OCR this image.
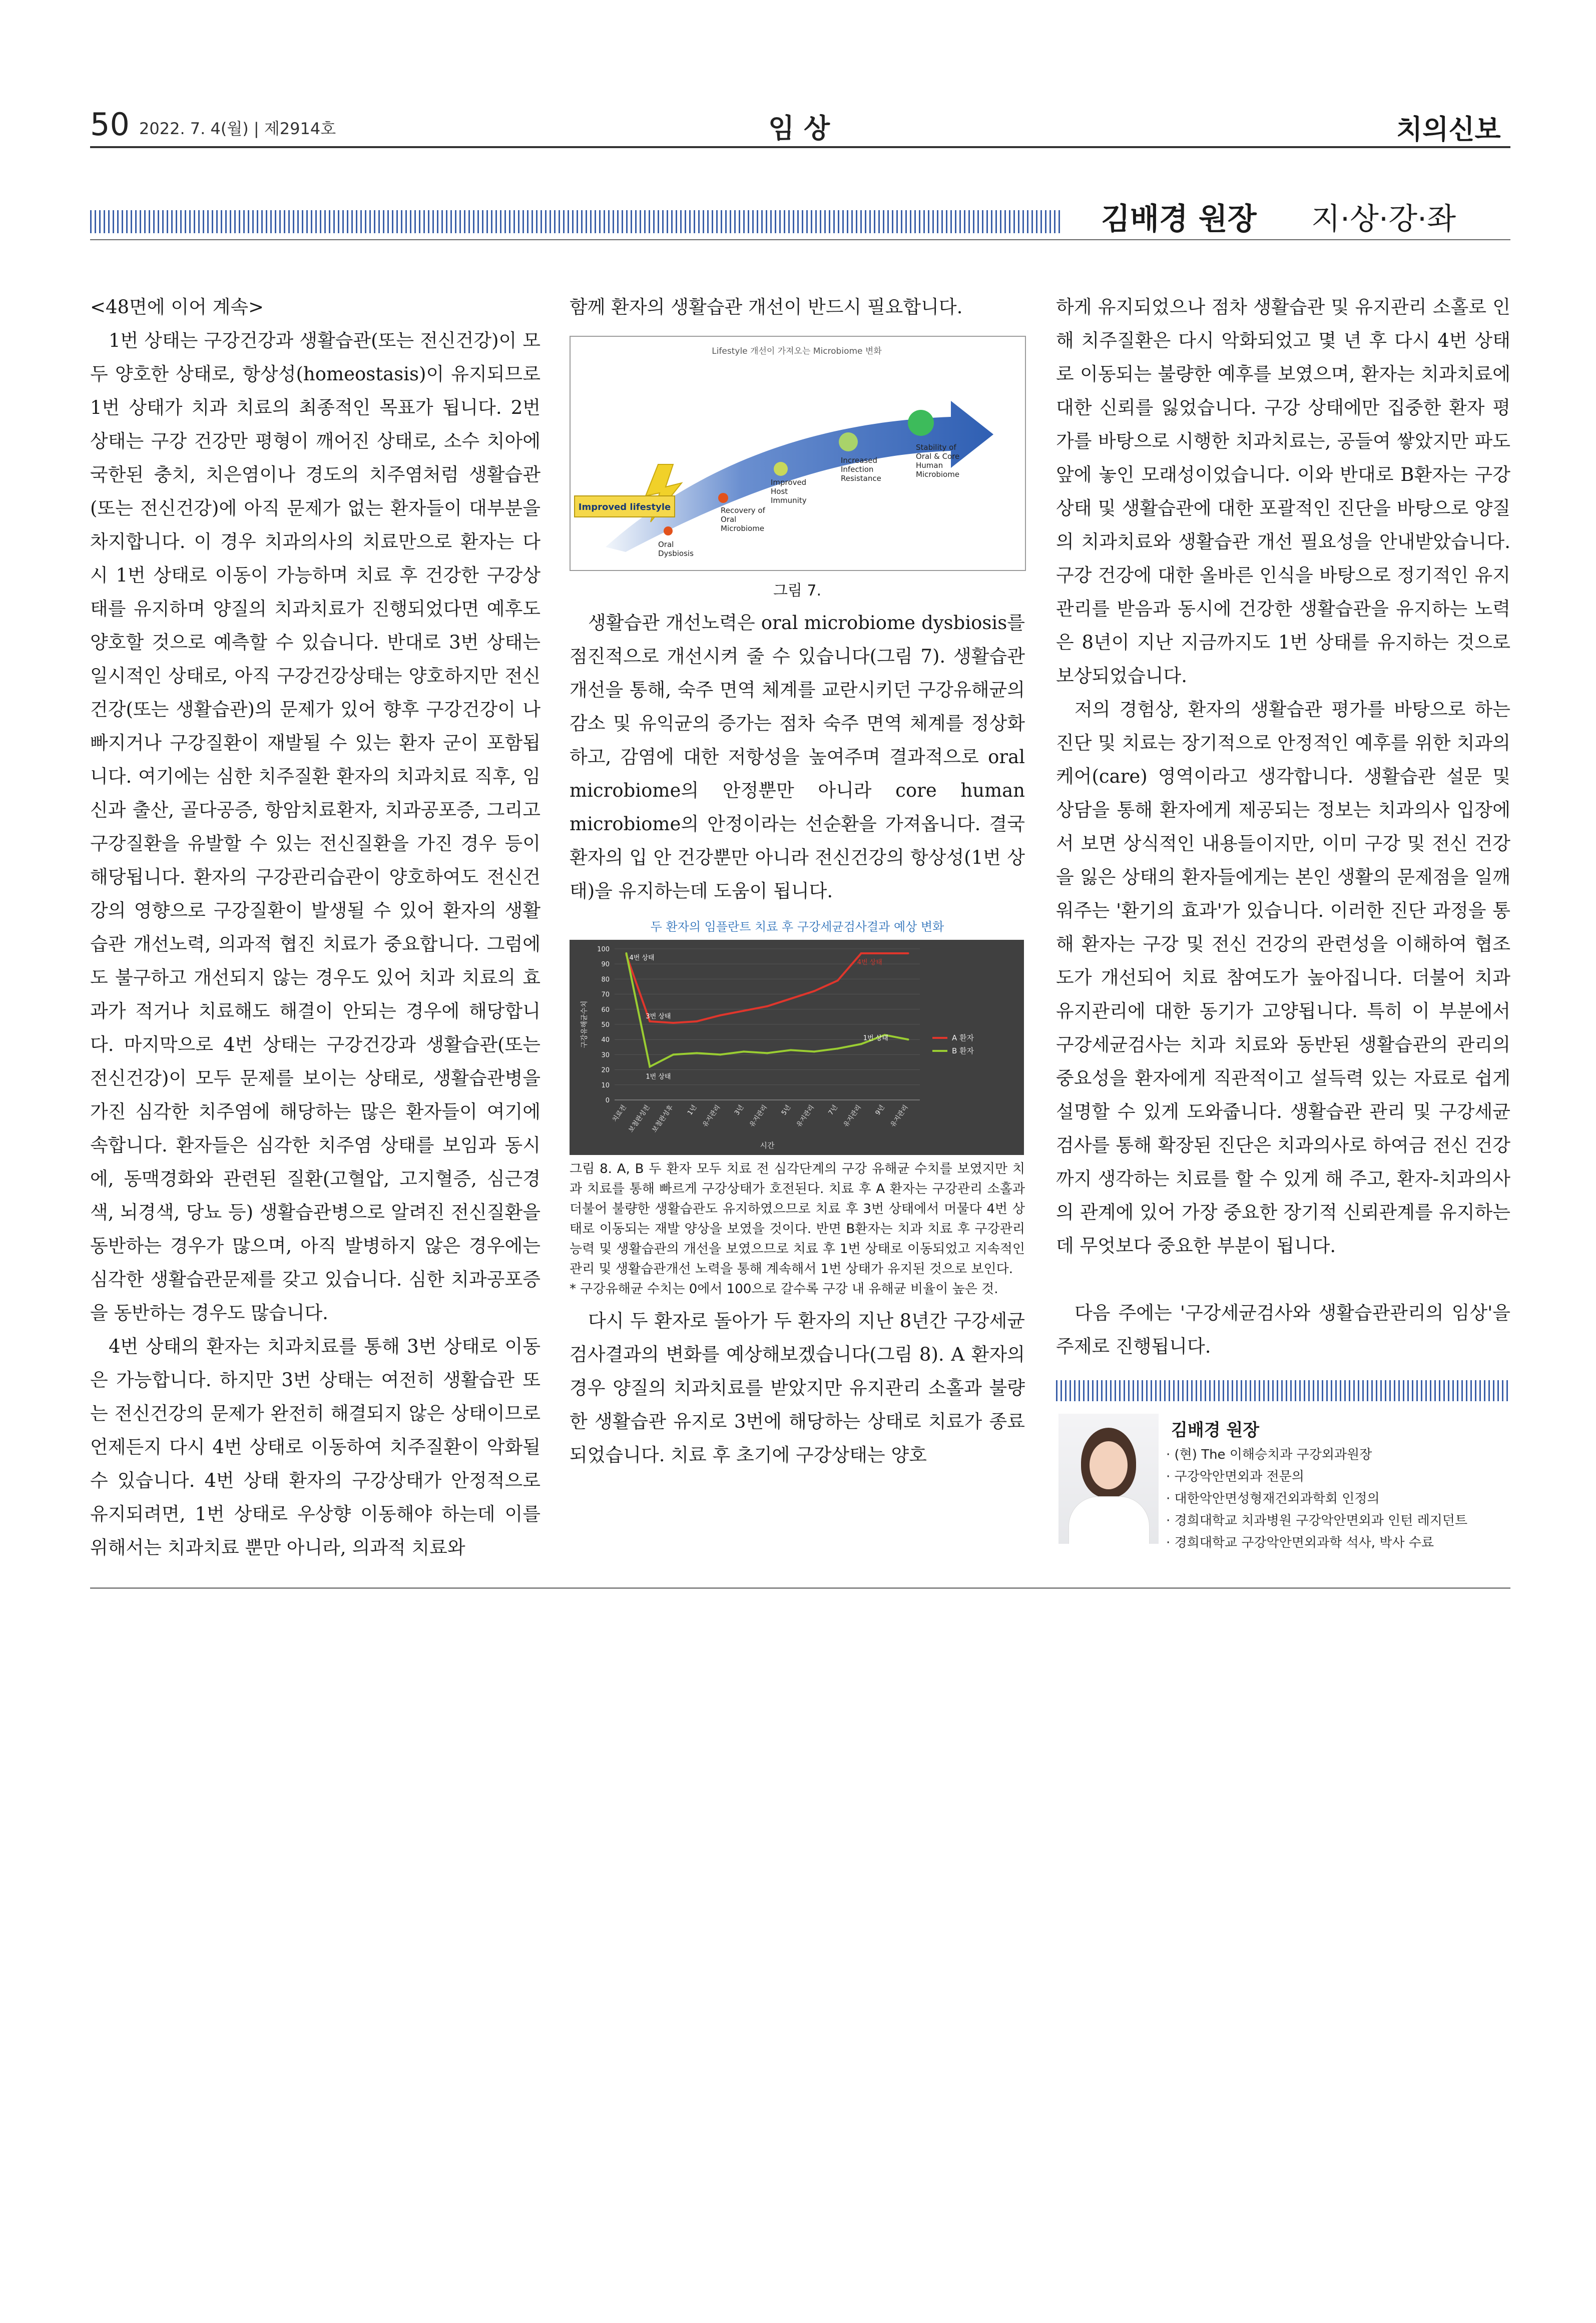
50 2022. 7. 4(월) | 제2914호	임 상	치의신보
김배경 원장 지·상·강·좌

<48면에 이어 계속>

1번 상태는 구강건강과 생활습관(또는 전신건강)이 모두 양호한 상태로, 항상성(homeostasis)이 유지되므로 1번 상태가 치과 치료의 최종적인 목표가 됩니다. 2번 상태는 구강 건강만 평형이 깨어진 상태로, 소수 치아에 국한된 충치, 치은염이나 경도의 치주염처럼 생활습관(또는 전신건강)에 아직 문제가 없는 환자들이 대부분을 차지합니다. 이 경우 치과의사의 치료만으로 환자는 다시 1번 상태로 이동이 가능하며 치료 후 건강한 구강상태를 유지하며 양질의 치과치료가 진행되었다면 예후도 양호할 것으로 예측할 수 있습니다. 반대로 3번 상태는 일시적인 상태로, 아직 구강건강상태는 양호하지만 전신건강(또는 생활습관)의 문제가 있어 향후 구강건강이 나빠지거나 구강질환이 재발될 수 있는 환자 군이 포함됩니다. 여기에는 심한 치주질환 환자의 치과치료 직후, 임신과 출산, 골다공증, 항암치료환자, 치과공포증, 그리고 구강질환을 유발할 수 있는 전신질환을 가진 경우 등이 해당됩니다. 환자의 구강관리습관이 양호하여도 전신건강의 영향으로 구강질환이 발생될 수 있어 환자의 생활습관 개선노력, 의과적 협진 치료가 중요합니다. 그럼에도 불구하고 개선되지 않는 경우도 있어 치과 치료의 효과가 적거나 치료해도 해결이 안되는 경우에 해당합니다. 마지막으로 4번 상태는 구강건강과 생활습관(또는 전신건강)이 모두 문제를 보이는 상태로, 생활습관병을 가진 심각한 치주염에 해당하는 많은 환자들이 여기에 속합니다. 환자들은 심각한 치주염 상태를 보임과 동시에, 동맥경화와 관련된 질환(고혈압, 고지혈증, 심근경색, 뇌경색, 당뇨 등) 생활습관병으로 알려진 전신질환을 동반하는 경우가 많으며, 아직 발병하지 않은 경우에는 심각한 생활습관문제를 갖고 있습니다. 심한 치과공포증을 동반하는 경우도 많습니다.

4번 상태의 환자는 치과치료를 통해 3번 상태로 이동은 가능합니다. 하지만 3번 상태는 여전히 생활습관 또는 전신건강의 문제가 완전히 해결되지 않은 상태이므로 언제든지 다시 4번 상태로 이동하여 치주질환이 악화될 수 있습니다. 4번 상태 환자의 구강상태가 안정적으로 유지되려면, 1번 상태로 우상향 이동해야 하는데 이를 위해서는 치과치료 뿐만 아니라, 의과적 치료와

함께 환자의 생활습관 개선이 반드시 필요합니다.

Lifestyle 개선이 가져오는 Microbiome 변화
Improved lifestyle
Oral
Dysbiosis
Recovery of
Oral
Microbiome
Improved
Host
Immunity
Increased
Infection
Resistance
Stability of
Oral & Core
Human
Microbiome
그림 7.

생활습관 개선노력은 oral microbiome dysbiosis를 점진적으로 개선시켜 줄 수 있습니다(그림 7). 생활습관 개선을 통해, 숙주 면역 체계를 교란시키던 구강유해균의 감소 및 유익균의 증가는 점차 숙주 면역 체계를 정상화하고, 감염에 대한 저항성을 높여주며 결과적으로 oral microbiome의 안정뿐만 아니라 core human microbiome의 안정이라는 선순환을 가져옵니다. 결국 환자의 입 안 건강뿐만 아니라 전신건강의 항상성(1번 상태)을 유지하는데 도움이 됩니다.

두 환자의 임플란트 치료 후 구강세균검사결과 예상 변화
0
10
20
30
40
50
60
70
80
90
100
구강유해균수치
치료전
보철완성전
보철완성후 1년 유지관리 3년 유지관리 5년 유지관리 7년 유지관리 9년 유지관리
시간
A 환자
B 환자
4번 상태
3번 상태
1번 상태
4번 상태
1번 상태
그림 8. A, B 두 환자 모두 치료 전 심각단계의 구강 유해균 수치를 보였지만 치과 치료를 통해 빠르게 구강상태가 호전된다. 치료 후 A 환자는 구강관리 소홀과 더불어 불량한 생활습관도 유지하였으므로 치료 후 3번 상태에서 머물다 4번 상태로 이동되는 재발 양상을 보였을 것이다. 반면 B환자는 치과 치료 후 구강관리 능력 및 생활습관의 개선을 보였으므로 치료 후 1번 상태로 이동되었고 지속적인 관리 및 생활습관개선 노력을 통해 계속해서 1번 상태가 유지된 것으로 보인다.
* 구강유해균 수치는 0에서 100으로 갈수록 구강 내 유해균 비율이 높은 것.

다시 두 환자로 돌아가 두 환자의 지난 8년간 구강세균검사결과의 변화를 예상해보겠습니다(그림 8). A 환자의 경우 양질의 치과치료를 받았지만 유지관리 소홀과 불량한 생활습관 유지로 3번에 해당하는 상태로 치료가 종료되었습니다. 치료 후 초기에 구강상태는 양호

하게 유지되었으나 점차 생활습관 및 유지관리 소홀로 인해 치주질환은 다시 악화되었고 몇 년 후 다시 4번 상태로 이동되는 불량한 예후를 보였으며, 환자는 치과치료에 대한 신뢰를 잃었습니다. 구강 상태에만 집중한 환자 평가를 바탕으로 시행한 치과치료는, 공들여 쌓았지만 파도 앞에 놓인 모래성이었습니다. 이와 반대로 B환자는 구강상태 및 생활습관에 대한 포괄적인 진단을 바탕으로 양질의 치과치료와 생활습관 개선 필요성을 안내받았습니다. 구강 건강에 대한 올바른 인식을 바탕으로 정기적인 유지관리를 받음과 동시에 건강한 생활습관을 유지하는 노력은 8년이 지난 지금까지도 1번 상태를 유지하는 것으로 보상되었습니다.

저의 경험상, 환자의 생활습관 평가를 바탕으로 하는 진단 및 치료는 장기적으로 안정적인 예후를 위한 치과의 케어(care) 영역이라고 생각합니다. 생활습관 설문 및 상담을 통해 환자에게 제공되는 정보는 치과의사 입장에서 보면 상식적인 내용들이지만, 이미 구강 및 전신 건강을 잃은 상태의 환자들에게는 본인 생활의 문제점을 일깨워주는 '환기의 효과'가 있습니다. 이러한 진단 과정을 통해 환자는 구강 및 전신 건강의 관련성을 이해하여 협조도가 개선되어 치료 참여도가 높아집니다. 더불어 치과 유지관리에 대한 동기가 고양됩니다. 특히 이 부분에서 구강세균검사는 치과 치료와 동반된 생활습관의 관리의 중요성을 환자에게 직관적이고 설득력 있는 자료로 쉽게 설명할 수 있게 도와줍니다. 생활습관 관리 및 구강세균검사를 통해 확장된 진단은 치과의사로 하여금 전신 건강까지 생각하는 치료를 할 수 있게 해 주고, 환자-치과의사의 관계에 있어 가장 중요한 장기적 신뢰관계를 유지하는데 무엇보다 중요한 부분이 됩니다.

다음 주에는 '구강세균검사와 생활습관관리의 임상'을 주제로 진행됩니다.

김배경 원장
· (현) The 이해승치과 구강외과원장
· 구강악안면외과 전문의
· 대한악안면성형재건외과학회 인정의
· 경희대학교 치과병원 구강악안면외과 인턴 레지던트
· 경희대학교 구강악안면외과학 석사, 박사 수료
